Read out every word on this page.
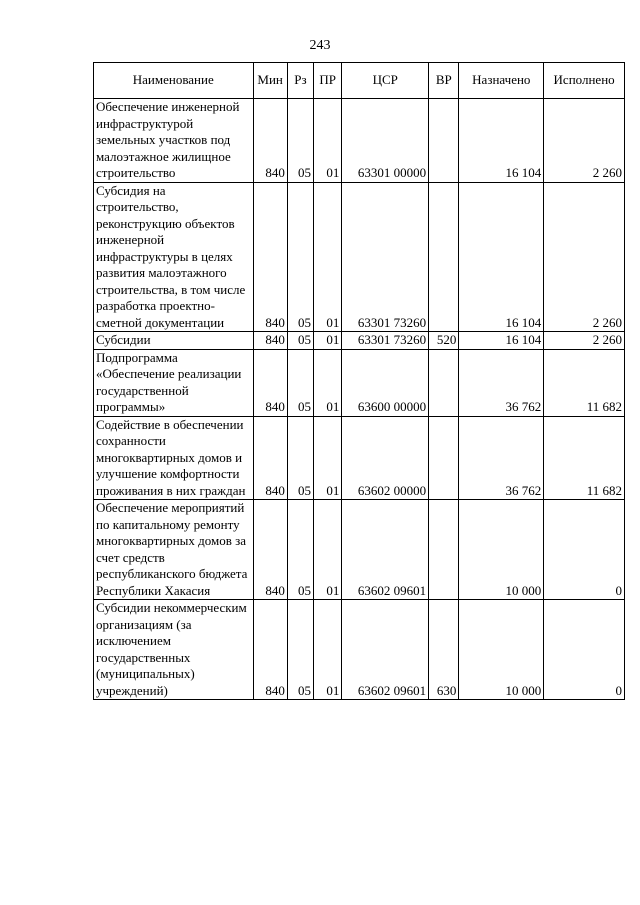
243
Наименование	Мин	Рз	ПР	ЦСР	ВР	Назначено	Исполнено
Обеспечение инженерной инфраструктурой земельных участков под малоэтажное жилищное строительство	840	05	01	63301 00000		16 104	2 260
Субсидия на строительство, реконструкцию объектов инженерной инфраструктуры в целях развития малоэтажного строительства, в том числе разработка проектно-сметной документации	840	05	01	63301 73260		16 104	2 260
Субсидии	840	05	01	63301 73260	520	16 104	2 260
Подпрограмма «Обеспечение реализации государственной программы»	840	05	01	63600 00000		36 762	11 682
Содействие в обеспечении сохранности многоквартирных домов и улучшение комфортности проживания в них граждан	840	05	01	63602 00000		36 762	11 682
Обеспечение мероприятий по капитальному ремонту многоквартирных домов за счет средств республиканского бюджета Республики Хакасия	840	05	01	63602 09601		10 000	0
Субсидии некоммерческим организациям (за исключением государственных (муниципальных) учреждений)	840	05	01	63602 09601	630	10 000	0
